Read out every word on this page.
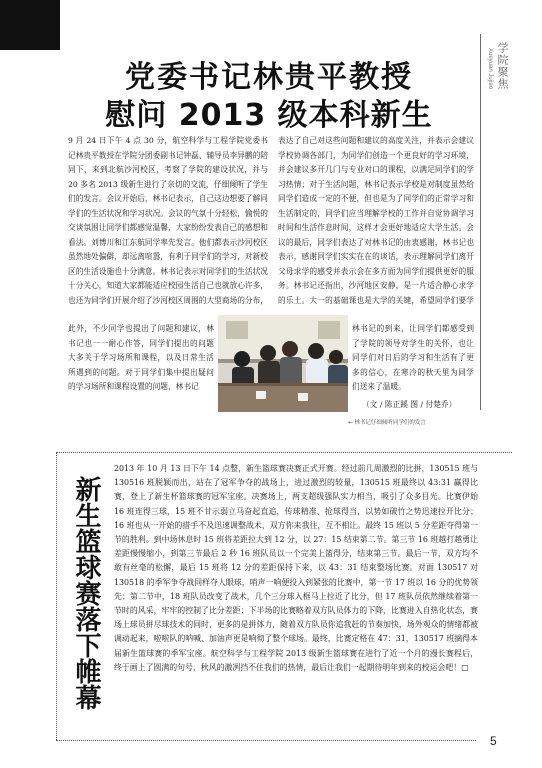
学院聚焦
Xueyuan Jujiao
党委书记林贵平教授
慰问 2013 级本科新生

9 月 24 日下午 4 点 30 分，航空科学与工程学院党委书记林贵平教授在学院分团委副书记钟磊、辅导员李异鹏的陪同下，来到北航沙河校区，考察了学院的建设状况，并与 20 多名 2013 级新生进行了亲切的交流，仔细倾听了学生们的发言。会议开始后，林书记表示，自己这边想要了解同学们的生活状况和学习状况。会议的气氛十分轻松，愉悦的交谈氛围让同学们都感觉温馨，大家纷纷发表自己的感想和看法。刘博川和江东航同学率先发言。他们都表示沙河校区虽然地处偏僻，却远离喧嚣，有利于同学们的学习，对新校区的生活设施也十分满意。林书记表示对同学们的生活状况十分关心，知道大家都能适应校园生活自己也就放心许多，也还为同学们开展介绍了沙河校区周围的大型商场的分布，

表达了自己对这些问题和建议的高度关注，并表示会建议学校协调各部门，为同学们创造一个更良好的学习环境，并会建议多开几门与专业对口的课程，以满足同学们的学习热情；对于生活问题，林书记表示学校是对制度虽然给同学们造成一定的不便，但也是为了同学们的正常学习和生活制定的，同学们应当理解学校的工作并自觉协调学习时间和生活作息时间，这样才会更好地适应大学生活。会议的最后，同学们表达了对林书记的由衷感谢，林书记也表示，感谢同学们实实在在的谈话，表示理解同学们离开父母求学的感受并表示会在多方面为同学们提供更好的服务。林书记还指出，沙河地区安静，是一片适合静心求学的乐土。大一的基础课也是大学的关键，希望同学们要学

此外，不少同学也提出了问题和建议，林书记也一一耐心作答，同学们提出的问题大多关于学习场所和课程，以及日常生活所遇到的问题。对于同学们集中提出疑问的学习场所和课程设置的问题，林书记

林书记的到来，让同学们都感受到了学院的领导对学生的关怀，也让同学们对日后的学习和生活有了更多的信心，在寒冷的秋天里为同学们送来了温暖。

（文 / 陈正蹊 图 / 付楚乔）

← 林书记仔细倾听同学们的发言
新生篮球赛落下帷幕

2013 年 10 月 13 日下午 14 点整，新生篮球赛决赛正式开赛。经过前几周激烈的比拼，130515 班与 130516 班脱颖而出，站在了冠军争夺的战场上，进过激烈的较量，130515 班最终以 43:31 赢得比赛，登上了新生杯篮球赛的冠军宝座。决赛场上，两支超级强队实力相当，吸引了众多目光。比赛伊始 16 班连得三球，15 班不甘示弱立马奋起直追，传球精准、抢球得当，以势如破竹之势迅速拉开比分；16 班也从一开始的措手不及迅速调整战术，双方你来我往，互不相让。最终 15 班以 5 分差距夺得第一节的胜利。到中场休息时 15 班将差距拉大到 12 分，以 27：15 结束第二节。第三节 16 班越打越勇让差距慢慢缩小，到第三节最后 2 秒 16 班队员以一个完美上篮得分，结束第三节。最后一节，双方均不敢有丝毫的松懈，最后 15 班将 12 分的差距保持下来，以 43：31 结束整场比赛。对面 130517 对 130518 的季军争夺战同样夺人眼球，哨声一响便投入到紧张的比赛中，第一节 17 班以 16 分的优势领先；第二节中，18 班队员改变了战术，几个三分球入框马上拉近了比分，但 17 班队员依然继续着第一节时的风采，牢牢的控制了比分差距；下半场的比赛略着双方队员体力的下降，比赛进入自热化状态，赛场上球员拼尽球技术的同时，更多的是拼体力，随着双方队员你追我赶的节奏加快，场外观众的情绪都被调动起来，啦啦队的呐喊、加油声更是响彻了整个球场。最终，比赛定格在 47：31，130517 班摘得本届新生篮球赛的季军宝座。航空科学与工程学院 2013 级新生篮球赛在进行了近一个月的漫长赛程后，终于画上了圆满的句号，秋风的激冽挡不住我们的热情，最后让我们一起期待明年到来的校运会吧！□

5
